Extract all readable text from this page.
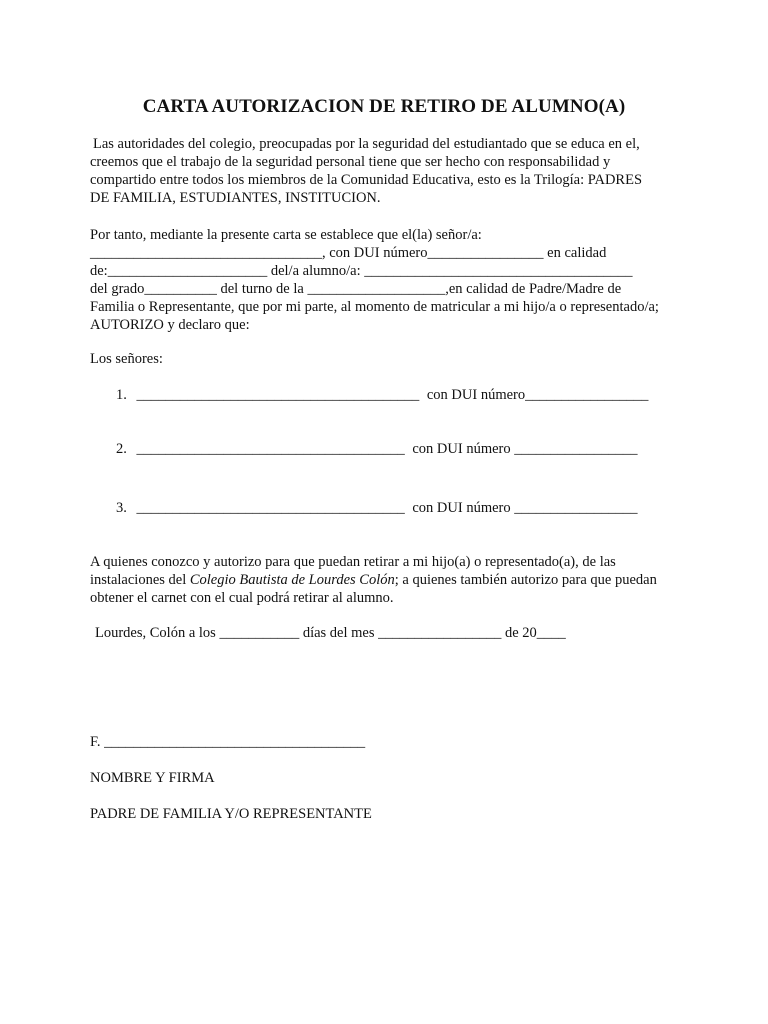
CARTA AUTORIZACION DE RETIRO DE ALUMNO(A)
Las autoridades del colegio, preocupadas por la seguridad del estudiantado que se educa en el,
creemos que el trabajo de la seguridad personal tiene que ser hecho con responsabilidad y
compartido entre todos los miembros de la Comunidad Educativa, esto es la Trilogía: PADRES
DE FAMILIA, ESTUDIANTES, INSTITUCION.
Por tanto, mediante la presente carta se establece que el(la) señor/a:
________________________________, con DUI número________________ en calidad
de:______________________ del/a alumno/a: _____________________________________
del grado__________ del turno de la ___________________,en calidad de Padre/Madre de
Familia o Representante, que por mi parte, al momento de matricular a mi hijo/a o representado/a;
AUTORIZO y declaro que:
Los señores:
1. _______________________________________ con DUI número_________________
2. _____________________________________ con DUI número _________________
3. _____________________________________ con DUI número _________________
A quienes conozco y autorizo para que puedan retirar a mi hijo(a) o representado(a), de las
instalaciones del Colegio Bautista de Lourdes Colón; a quienes también autorizo para que puedan
obtener el carnet con el cual podrá retirar al alumno.
Lourdes, Colón a los ___________ días del mes _________________ de 20____
F. ____________________________________
NOMBRE Y FIRMA
PADRE DE FAMILIA Y/O REPRESENTANTE
